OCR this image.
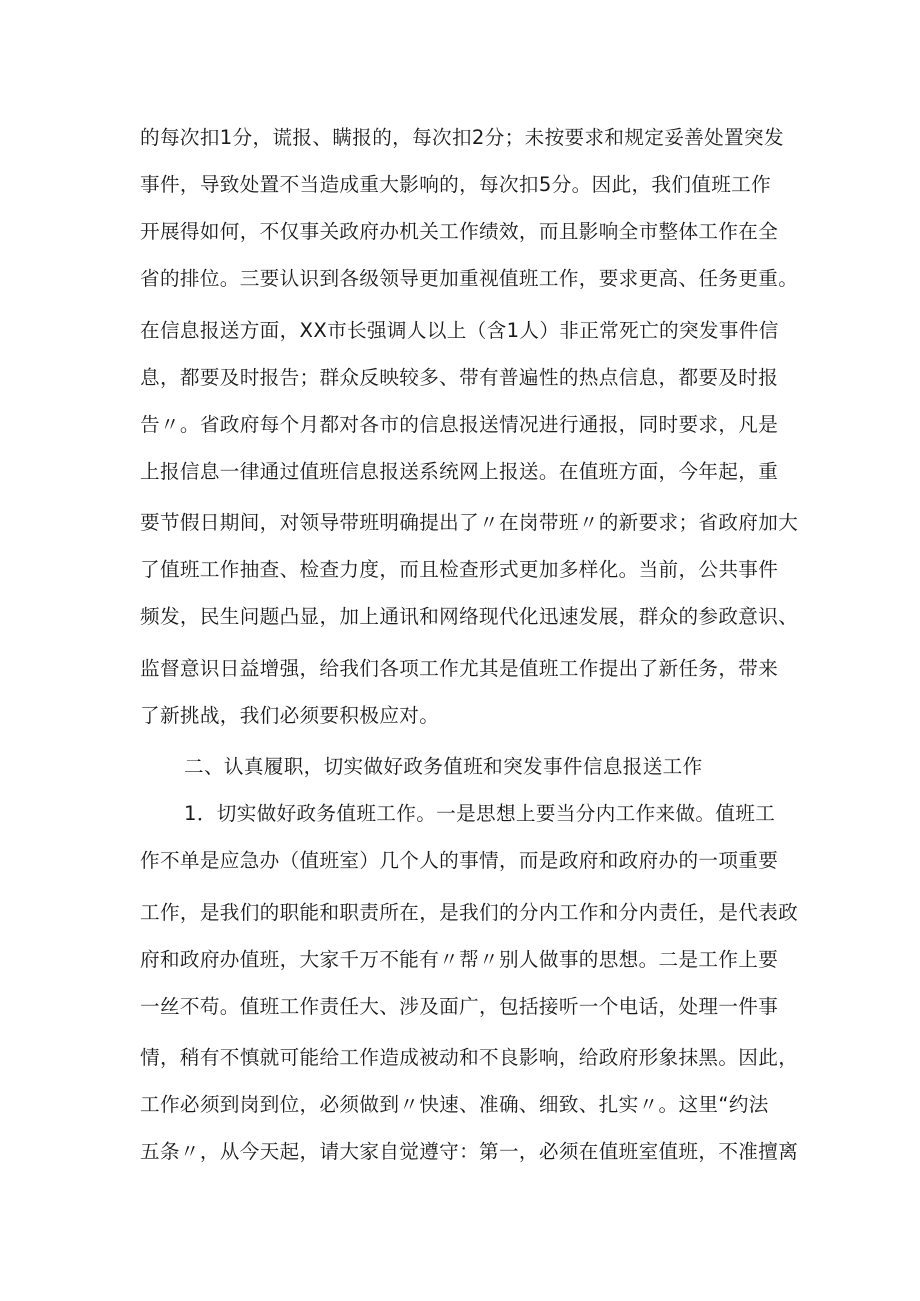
的每次扣1分，谎报、瞒报的，每次扣2分；未按要求和规定妥善处置突发
事件，导致处置不当造成重大影响的，每次扣5分。因此，我们值班工作
开展得如何，不仅事关政府办机关工作绩效，而且影响全市整体工作在全
省的排位。三要认识到各级领导更加重视值班工作，要求更高、任务更重。
在信息报送方面，XX市长强调人以上（含1人）非正常死亡的突发事件信
息，都要及时报告；群众反映较多、带有普遍性的热点信息，都要及时报
告〃。省政府每个月都对各市的信息报送情况进行通报，同时要求，凡是
上报信息一律通过值班信息报送系统网上报送。在值班方面，今年起，重
要节假日期间，对领导带班明确提出了〃在岗带班〃的新要求；省政府加大
了值班工作抽查、检查力度，而且检查形式更加多样化。当前，公共事件
频发，民生问题凸显，加上通讯和网络现代化迅速发展，群众的参政意识、
监督意识日益增强，给我们各项工作尤其是值班工作提出了新任务，带来
了新挑战，我们必须要积极应对。
二、认真履职，切实做好政务值班和突发事件信息报送工作
1．切实做好政务值班工作。一是思想上要当分内工作来做。值班工
作不单是应急办（值班室）几个人的事情，而是政府和政府办的一项重要
工作，是我们的职能和职责所在，是我们的分内工作和分内责任，是代表政
府和政府办值班，大家千万不能有〃帮〃别人做事的思想。二是工作上要
一丝不苟。值班工作责任大、涉及面广，包括接听一个电话，处理一件事
情，稍有不慎就可能给工作造成被动和不良影响，给政府形象抹黑。因此，
工作必须到岗到位，必须做到〃快速、准确、细致、扎实〃。这里“约法
五条〃，从今天起，请大家自觉遵守：第一，必须在值班室值班，不准擅离
